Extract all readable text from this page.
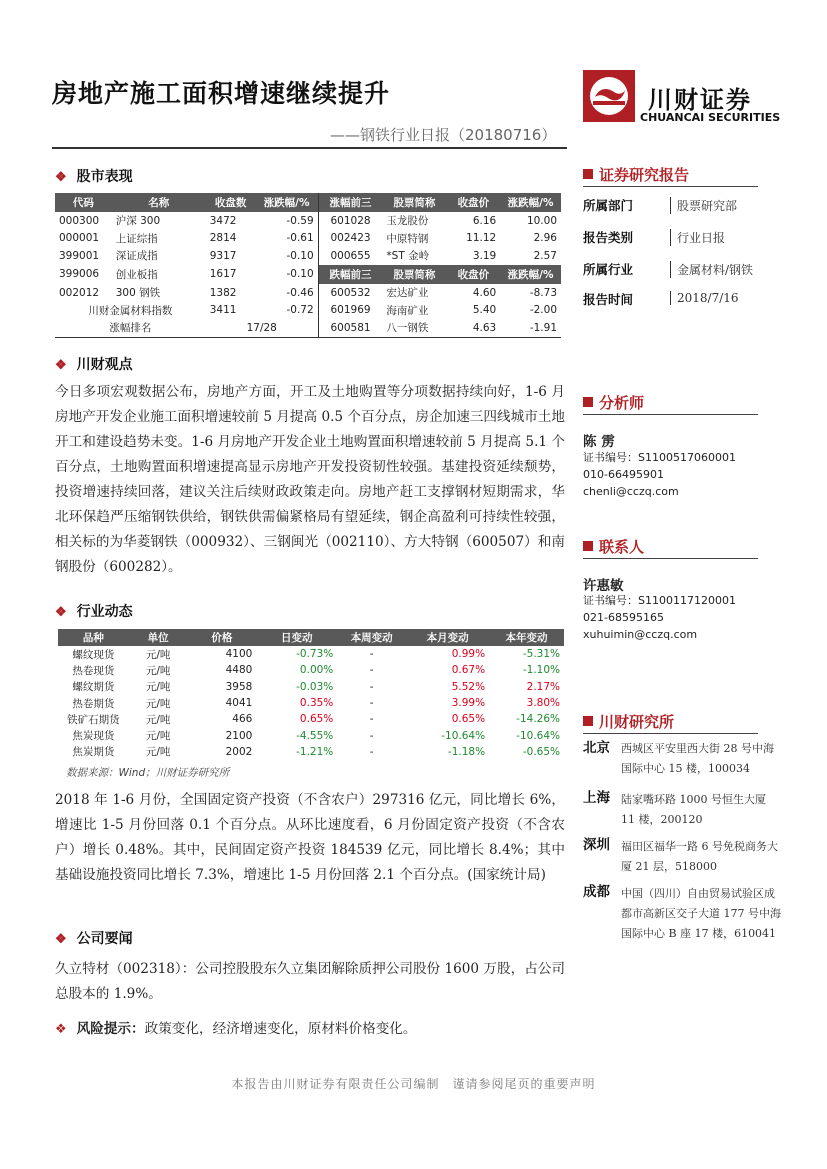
房地产施工面积增速继续提升
——钢铁行业日报（20180716）
川财证券
CHUANCAI SECURITIES
❖ 股市表现
代码	名称	收盘数	涨跌幅/%	涨幅前三	股票简称	收盘价	涨跌幅/%
000300	沪深 300	3472	-0.59	601028	玉龙股份	6.16	10.00
000001	上证综指	2814	-0.61	002423	中原特钢	11.12	2.96
399001	深证成指	9317	-0.10	000655	*ST 金岭	3.19	2.57
399006	创业板指	1617	-0.10	跌幅前三	股票简称	收盘价	涨跌幅/%
002012	300 钢铁	1382	-0.46	600532	宏达矿业	4.60	-8.73
川财金属材料指数		3411	-0.72	601969	海南矿业	5.40	-2.00
涨幅排名		17/28		600581	八一钢铁	4.63	-1.91
❖ 川财观点
今日多项宏观数据公布，房地产方面，开工及土地购置等分项数据持续向好，1-6 月房地产开发企业施工面积增速较前 5 月提高 0.5 个百分点，房企加速三四线城市土地开工和建设趋势未变。1-6 月房地产开发企业土地购置面积增速较前 5 月提高 5.1 个百分点，土地购置面积增速提高显示房地产开发投资韧性较强。基建投资延续颓势，投资增速持续回落，建议关注后续财政政策走向。房地产赶工支撑钢材短期需求，华北环保趋严压缩钢铁供给，钢铁供需偏紧格局有望延续，钢企高盈利可持续性较强，相关标的为华菱钢铁（000932）、三钢闽光（002110）、方大特钢（600507）和南钢股份（600282）。
❖ 行业动态
品种	单位	价格	日变动	本周变动	本月变动	本年变动
螺纹现货	元/吨	4100	-0.73%	-	0.99%	-5.31%
热卷现货	元/吨	4480	0.00%	-	0.67%	-1.10%
螺纹期货	元/吨	3958	-0.03%	-	5.52%	2.17%
热卷期货	元/吨	4041	0.35%	-	3.99%	3.80%
铁矿石期货	元/吨	466	0.65%	-	0.65%	-14.26%
焦炭现货	元/吨	2100	-4.55%	-	-10.64%	-10.64%
焦炭期货	元/吨	2002	-1.21%	-	-1.18%	-0.65%
数据来源：Wind；川财证券研究所
2018 年 1-6 月份，全国固定资产投资（不含农户）297316 亿元，同比增长 6%，增速比 1-5 月份回落 0.1 个百分点。从环比速度看，6 月份固定资产投资（不含农户）增长 0.48%。其中，民间固定资产投资 184539 亿元，同比增长 8.4%；其中基础设施投资同比增长 7.3%，增速比 1-5 月份回落 2.1 个百分点。(国家统计局)
❖ 公司要闻
久立特材（002318）：公司控股股东久立集团解除质押公司股份 1600 万股，占公司总股本的 1.9%。
❖ 风险提示：政策变化，经济增速变化，原材料价格变化。
证券研究报告
所属部门	股票研究部
报告类别	行业日报
所属行业	金属材料/钢铁
报告时间	2018/7/16
分析师
陈 雳
证书编号：S1100517060001
010-66495901
chenli@cczq.com
联系人
许惠敏
证书编号：S1100117120001
021-68595165
xuhuimin@cczq.com
川财研究所
北京 西城区平安里西大街 28 号中海国际中心 15 楼，100034
上海 陆家嘴环路 1000 号恒生大厦 11 楼，200120
深圳 福田区福华一路 6 号免税商务大厦 21 层，518000
成都 中国（四川）自由贸易试验区成都市高新区交子大道 177 号中海国际中心 B 座 17 楼，610041
本报告由川财证券有限责任公司编制　谨请参阅尾页的重要声明
